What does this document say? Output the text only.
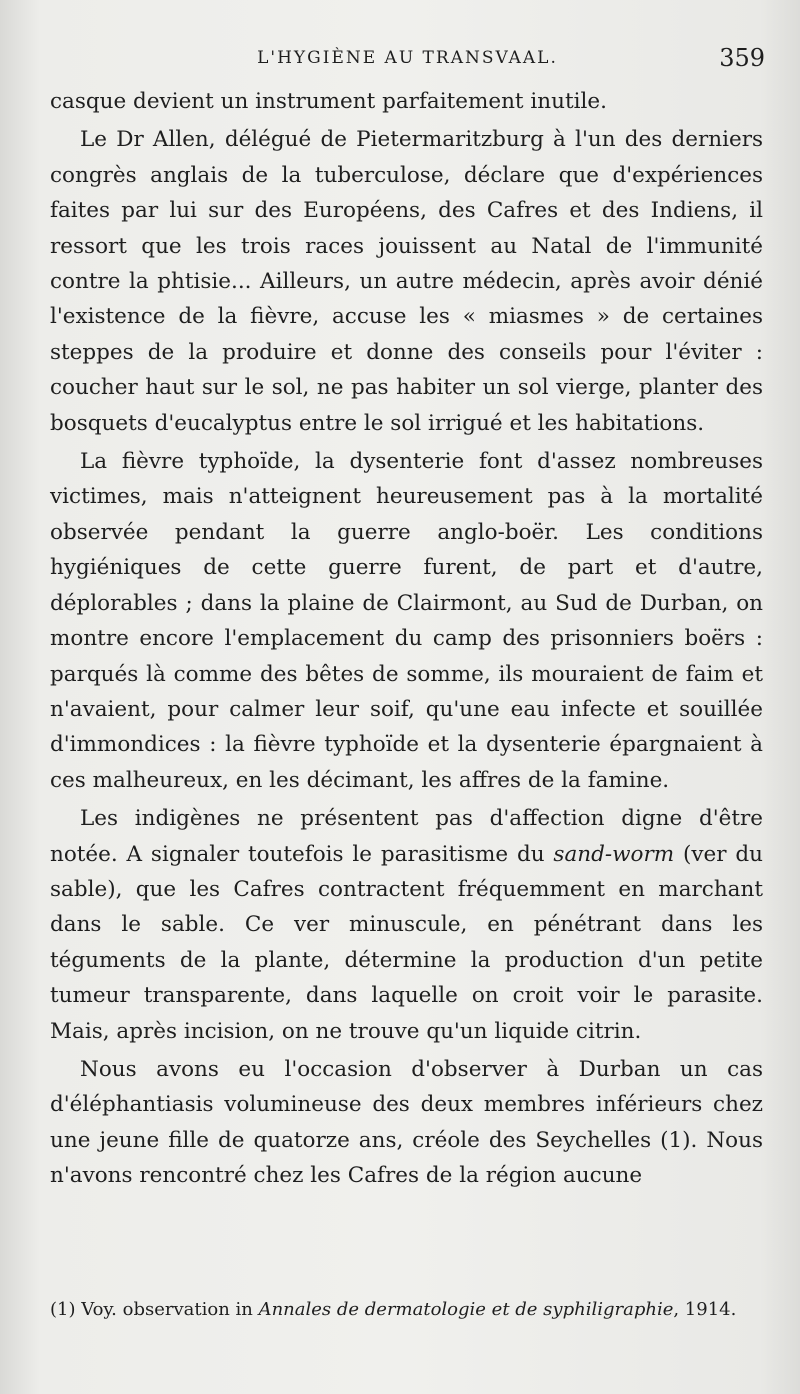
L'HYGIÈNE AU TRANSVAAL.	359

casque devient un instrument parfaitement inutile.

Le Dr Allen, délégué de Pietermaritzburg à l'un des derniers congrès anglais de la tuberculose, déclare que d'expériences faites par lui sur des Européens, des Cafres et des Indiens, il ressort que les trois races jouissent au Natal de l'immunité contre la phtisie... Ailleurs, un autre médecin, après avoir dénié l'existence de la fièvre, accuse les « miasmes » de certaines steppes de la produire et donne des conseils pour l'éviter : coucher haut sur le sol, ne pas habiter un sol vierge, planter des bosquets d'eucalyptus entre le sol irrigué et les habitations.

La fièvre typhoïde, la dysenterie font d'assez nombreuses victimes, mais n'atteignent heureusement pas à la mortalité observée pendant la guerre anglo-boër. Les conditions hygiéniques de cette guerre furent, de part et d'autre, déplorables ; dans la plaine de Clairmont, au Sud de Durban, on montre encore l'emplacement du camp des prisonniers boërs : parqués là comme des bêtes de somme, ils mouraient de faim et n'avaient, pour calmer leur soif, qu'une eau infecte et souillée d'immondices : la fièvre typhoïde et la dysenterie épargnaient à ces malheureux, en les décimant, les affres de la famine.

Les indigènes ne présentent pas d'affection digne d'être notée. A signaler toutefois le parasitisme du sand-worm (ver du sable), que les Cafres contractent fréquemment en marchant dans le sable. Ce ver minuscule, en pénétrant dans les téguments de la plante, détermine la production d'un petite tumeur transparente, dans laquelle on croit voir le parasite. Mais, après incision, on ne trouve qu'un liquide citrin.

Nous avons eu l'occasion d'observer à Durban un cas d'éléphantiasis volumineuse des deux membres inférieurs chez une jeune fille de quatorze ans, créole des Seychelles (1). Nous n'avons rencontré chez les Cafres de la région aucune

(1) Voy. observation in Annales de dermatologie et de syphiligraphie, 1914.
